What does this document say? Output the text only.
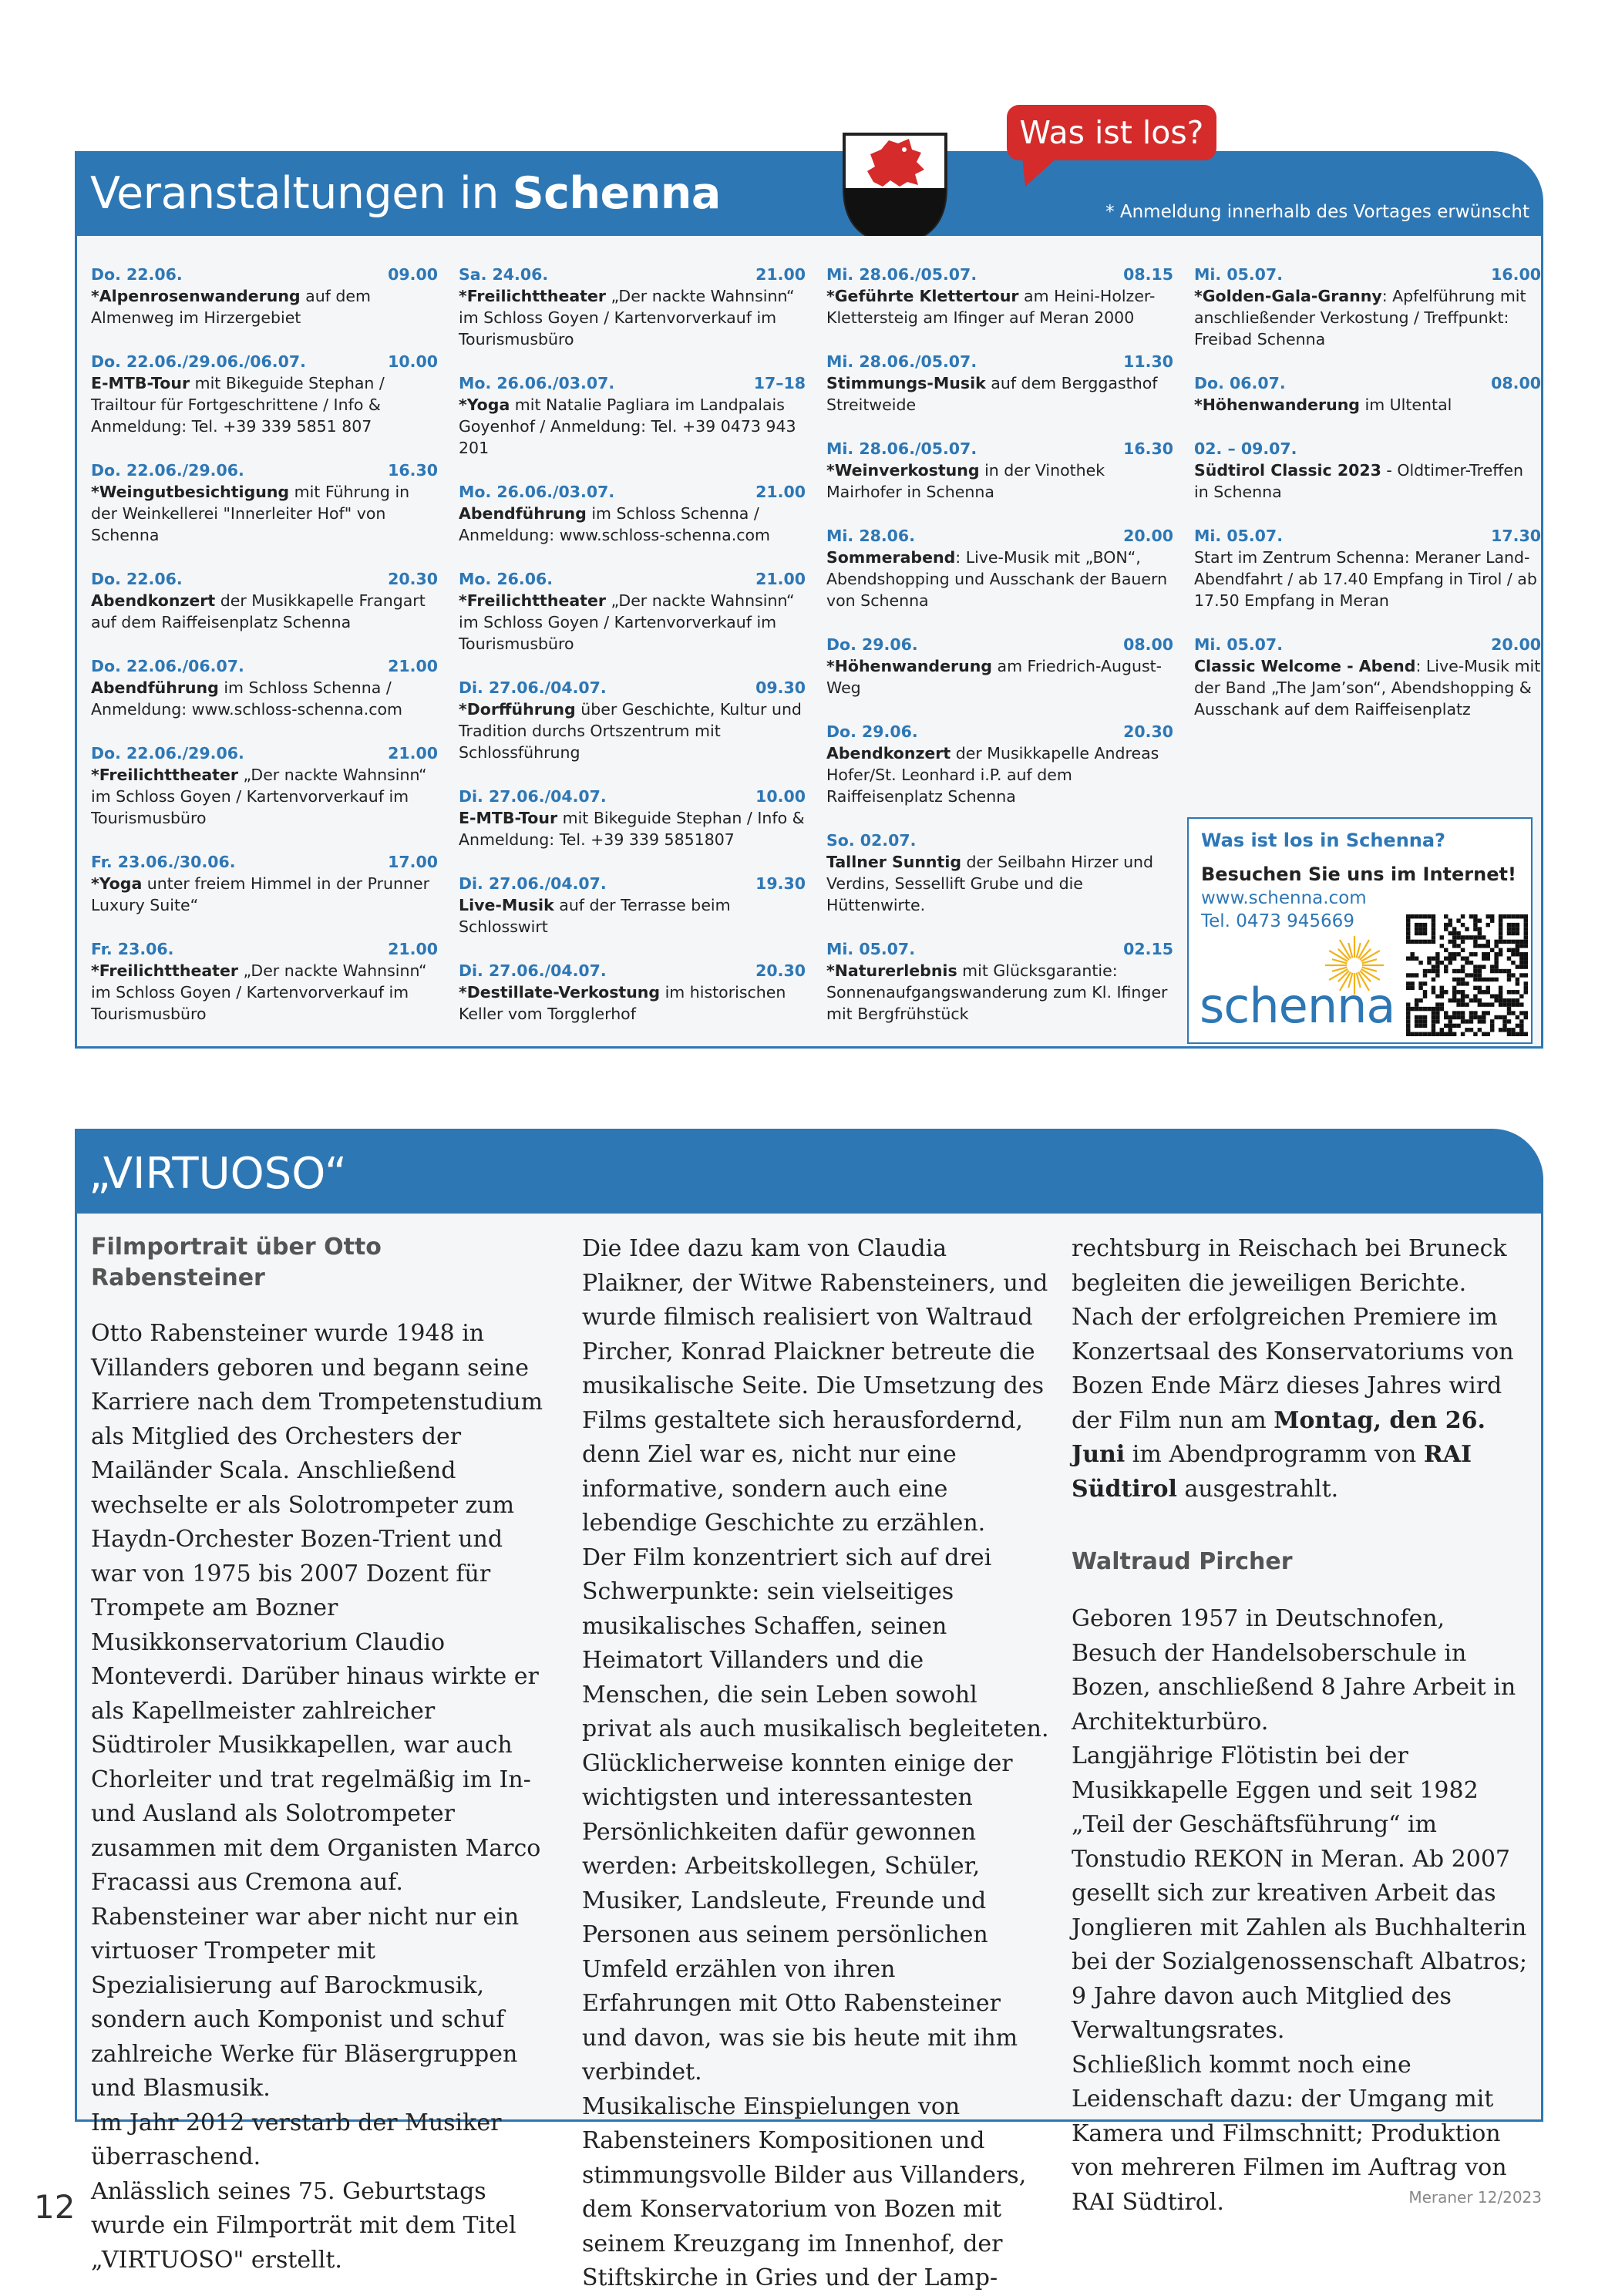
Veranstaltungen in Schenna	* Anmeldung innerhalb des Vortages erwünscht
Was ist los?
Do. 22.06.	09.00
*Alpenrosenwanderung auf dem Almenweg im Hirzergebiet
Do. 22.06./29.06./06.07.	10.00
E-MTB-Tour mit Bikeguide Stephan / Trailtour für Fortgeschrittene / Info & Anmeldung: Tel. +39 339 5851 807
Do. 22.06./29.06.	16.30
*Weingutbesichtigung mit Führung in der Weinkellerei "Innerleiter Hof" von Schenna
Do. 22.06.	20.30
Abendkonzert der Musikkapelle Frangart auf dem Raiffeisenplatz Schenna
Do. 22.06./06.07.	21.00
Abendführung im Schloss Schenna / Anmeldung: www.schloss-schenna.com
Do. 22.06./29.06.	21.00
*Freilichttheater „Der nackte Wahnsinn“ im Schloss Goyen / Kartenvorverkauf im Tourismusbüro
Fr. 23.06./30.06.	17.00
*Yoga unter freiem Himmel in der Prunner Luxury Suite“
Fr. 23.06.	21.00
*Freilichttheater „Der nackte Wahnsinn“ im Schloss Goyen / Kartenvorverkauf im Tourismusbüro
Sa. 24.06.	21.00
*Freilichttheater „Der nackte Wahnsinn“ im Schloss Goyen / Kartenvorverkauf im Tourismusbüro
Mo. 26.06./03.07.	17–18
*Yoga mit Natalie Pagliara im Landpalais Goyenhof / Anmeldung: Tel. +39 0473 943 201
Mo. 26.06./03.07.	21.00
Abendführung im Schloss Schenna / Anmeldung: www.schloss-schenna.com
Mo. 26.06.	21.00
*Freilichttheater „Der nackte Wahnsinn“ im Schloss Goyen / Kartenvorverkauf im Tourismusbüro
Di. 27.06./04.07.	09.30
*Dorfführung über Geschichte, Kultur und Tradition durchs Ortszentrum mit Schlossführung
Di. 27.06./04.07.	10.00
E-MTB-Tour mit Bikeguide Stephan / Info & Anmeldung: Tel. +39 339 5851807
Di. 27.06./04.07.	19.30
Live-Musik auf der Terrasse beim Schlosswirt
Di. 27.06./04.07.	20.30
*Destillate-Verkostung im historischen Keller vom Torgglerhof
Mi. 28.06./05.07.	08.15
*Geführte Klettertour am Heini-Holzer-Klettersteig am Ifinger auf Meran 2000
Mi. 28.06./05.07.	11.30
Stimmungs-Musik auf dem Berggasthof Streitweide
Mi. 28.06./05.07.	16.30
*Weinverkostung in der Vinothek Mairhofer in Schenna
Mi. 28.06.	20.00
Sommerabend: Live-Musik mit „BON“, Abendshopping und Ausschank der Bauern von Schenna
Do. 29.06.	08.00
*Höhenwanderung am Friedrich-August-Weg
Do. 29.06.	20.30
Abendkonzert der Musikkapelle Andreas Hofer/St. Leonhard i.P. auf dem Raiffeisenplatz Schenna
So. 02.07.
Tallner Sunntig der Seilbahn Hirzer und Verdins, Sessellift Grube und die Hüttenwirte.
Mi. 05.07.	02.15
*Naturerlebnis mit Glücksgarantie: Sonnenaufgangswanderung zum Kl. Ifinger mit Bergfrühstück
Mi. 05.07.	16.00
*Golden-Gala-Granny: Apfelführung mit anschließender Verkostung / Treffpunkt: Freibad Schenna
Do. 06.07.	08.00
*Höhenwanderung im Ultental
02. – 09.07.
Südtirol Classic 2023 - Oldtimer-Treffen in Schenna
Mi. 05.07.	17.30
Start im Zentrum Schenna: Meraner Land-Abendfahrt / ab 17.40 Empfang in Tirol / ab 17.50 Empfang in Meran
Mi. 05.07.	20.00
Classic Welcome - Abend: Live-Musik mit der Band „The Jam’son“, Abendshopping & Ausschank auf dem Raiffeisenplatz
Was ist los in Schenna?
Besuchen Sie uns im Internet!
www.schenna.com
Tel. 0473 945669
schenna
„VIRTUOSO“
Filmportrait über Otto Rabensteiner

Otto Rabensteiner wurde 1948 in Villanders geboren und begann seine Karriere nach dem Trompetenstudium als Mitglied des Orchesters der Mailänder Scala. Anschließend wechselte er als Solotrompeter zum Haydn-Orchester Bozen-Trient und war von 1975 bis 2007 Dozent für Trompete am Bozner Musikkonservatorium Claudio Monteverdi. Darüber hinaus wirkte er als Kapellmeister zahlreicher Südtiroler Musikkapellen, war auch Chorleiter und trat regelmäßig im In- und Ausland als Solotrompeter zusammen mit dem Organisten Marco Fracassi aus Cremona auf.
Rabensteiner war aber nicht nur ein virtuoser Trompeter mit Spezialisierung auf Barockmusik, sondern auch Komponist und schuf zahlreiche Werke für Bläsergruppen und Blasmusik.
Im Jahr 2012 verstarb der Musiker überraschend.
Anlässlich seines 75. Geburtstags wurde ein Filmporträt mit dem Titel „VIRTUOSO" erstellt.

Die Idee dazu kam von Claudia Plaikner, der Witwe Rabensteiners, und wurde filmisch realisiert von Waltraud Pircher, Konrad Plaickner betreute die musikalische Seite. Die Umsetzung des Films gestaltete sich herausfordernd, denn Ziel war es, nicht nur eine informative, sondern auch eine lebendige Geschichte zu erzählen.
Der Film konzentriert sich auf drei Schwerpunkte: sein vielseitiges musikalisches Schaffen, seinen Heimatort Villanders und die Menschen, die sein Leben sowohl privat als auch musikalisch begleiteten. Glücklicherweise konnten einige der wichtigsten und interessantesten Persönlichkeiten dafür gewonnen werden: Arbeitskollegen, Schüler, Musiker, Landsleute, Freunde und Personen aus seinem persönlichen Umfeld erzählen von ihren Erfahrungen mit Otto Rabensteiner und davon, was sie bis heute mit ihm verbindet.
Musikalische Einspielungen von Rabensteiners Kompositionen und stimmungsvolle Bilder aus Villanders, dem Konservatorium von Bozen mit seinem Kreuzgang im Innenhof, der Stiftskirche in Gries und der Lamp-

rechtsburg in Reischach bei Bruneck begleiten die jeweiligen Berichte.
Nach der erfolgreichen Premiere im Konzertsaal des Konservatoriums von Bozen Ende März dieses Jahres wird der Film nun am Montag, den 26. Juni im Abendprogramm von RAI Südtirol ausgestrahlt.

Waltraud Pircher

Geboren 1957 in Deutschnofen, Besuch der Handelsoberschule in Bozen, anschließend 8 Jahre Arbeit in Architekturbüro.
Langjährige Flötistin bei der Musikkapelle Eggen und seit 1982 „Teil der Geschäftsführung“ im Tonstudio REKON in Meran. Ab 2007 gesellt sich zur kreativen Arbeit das Jonglieren mit Zahlen als Buchhalterin bei der Sozialgenossenschaft Albatros;
9 Jahre davon auch Mitglied des Verwaltungsrates.
Schließlich kommt noch eine Leidenschaft dazu: der Umgang mit Kamera und Filmschnitt; Produktion von mehreren Filmen im Auftrag von RAI Südtirol.

12	Meraner 12/2023
